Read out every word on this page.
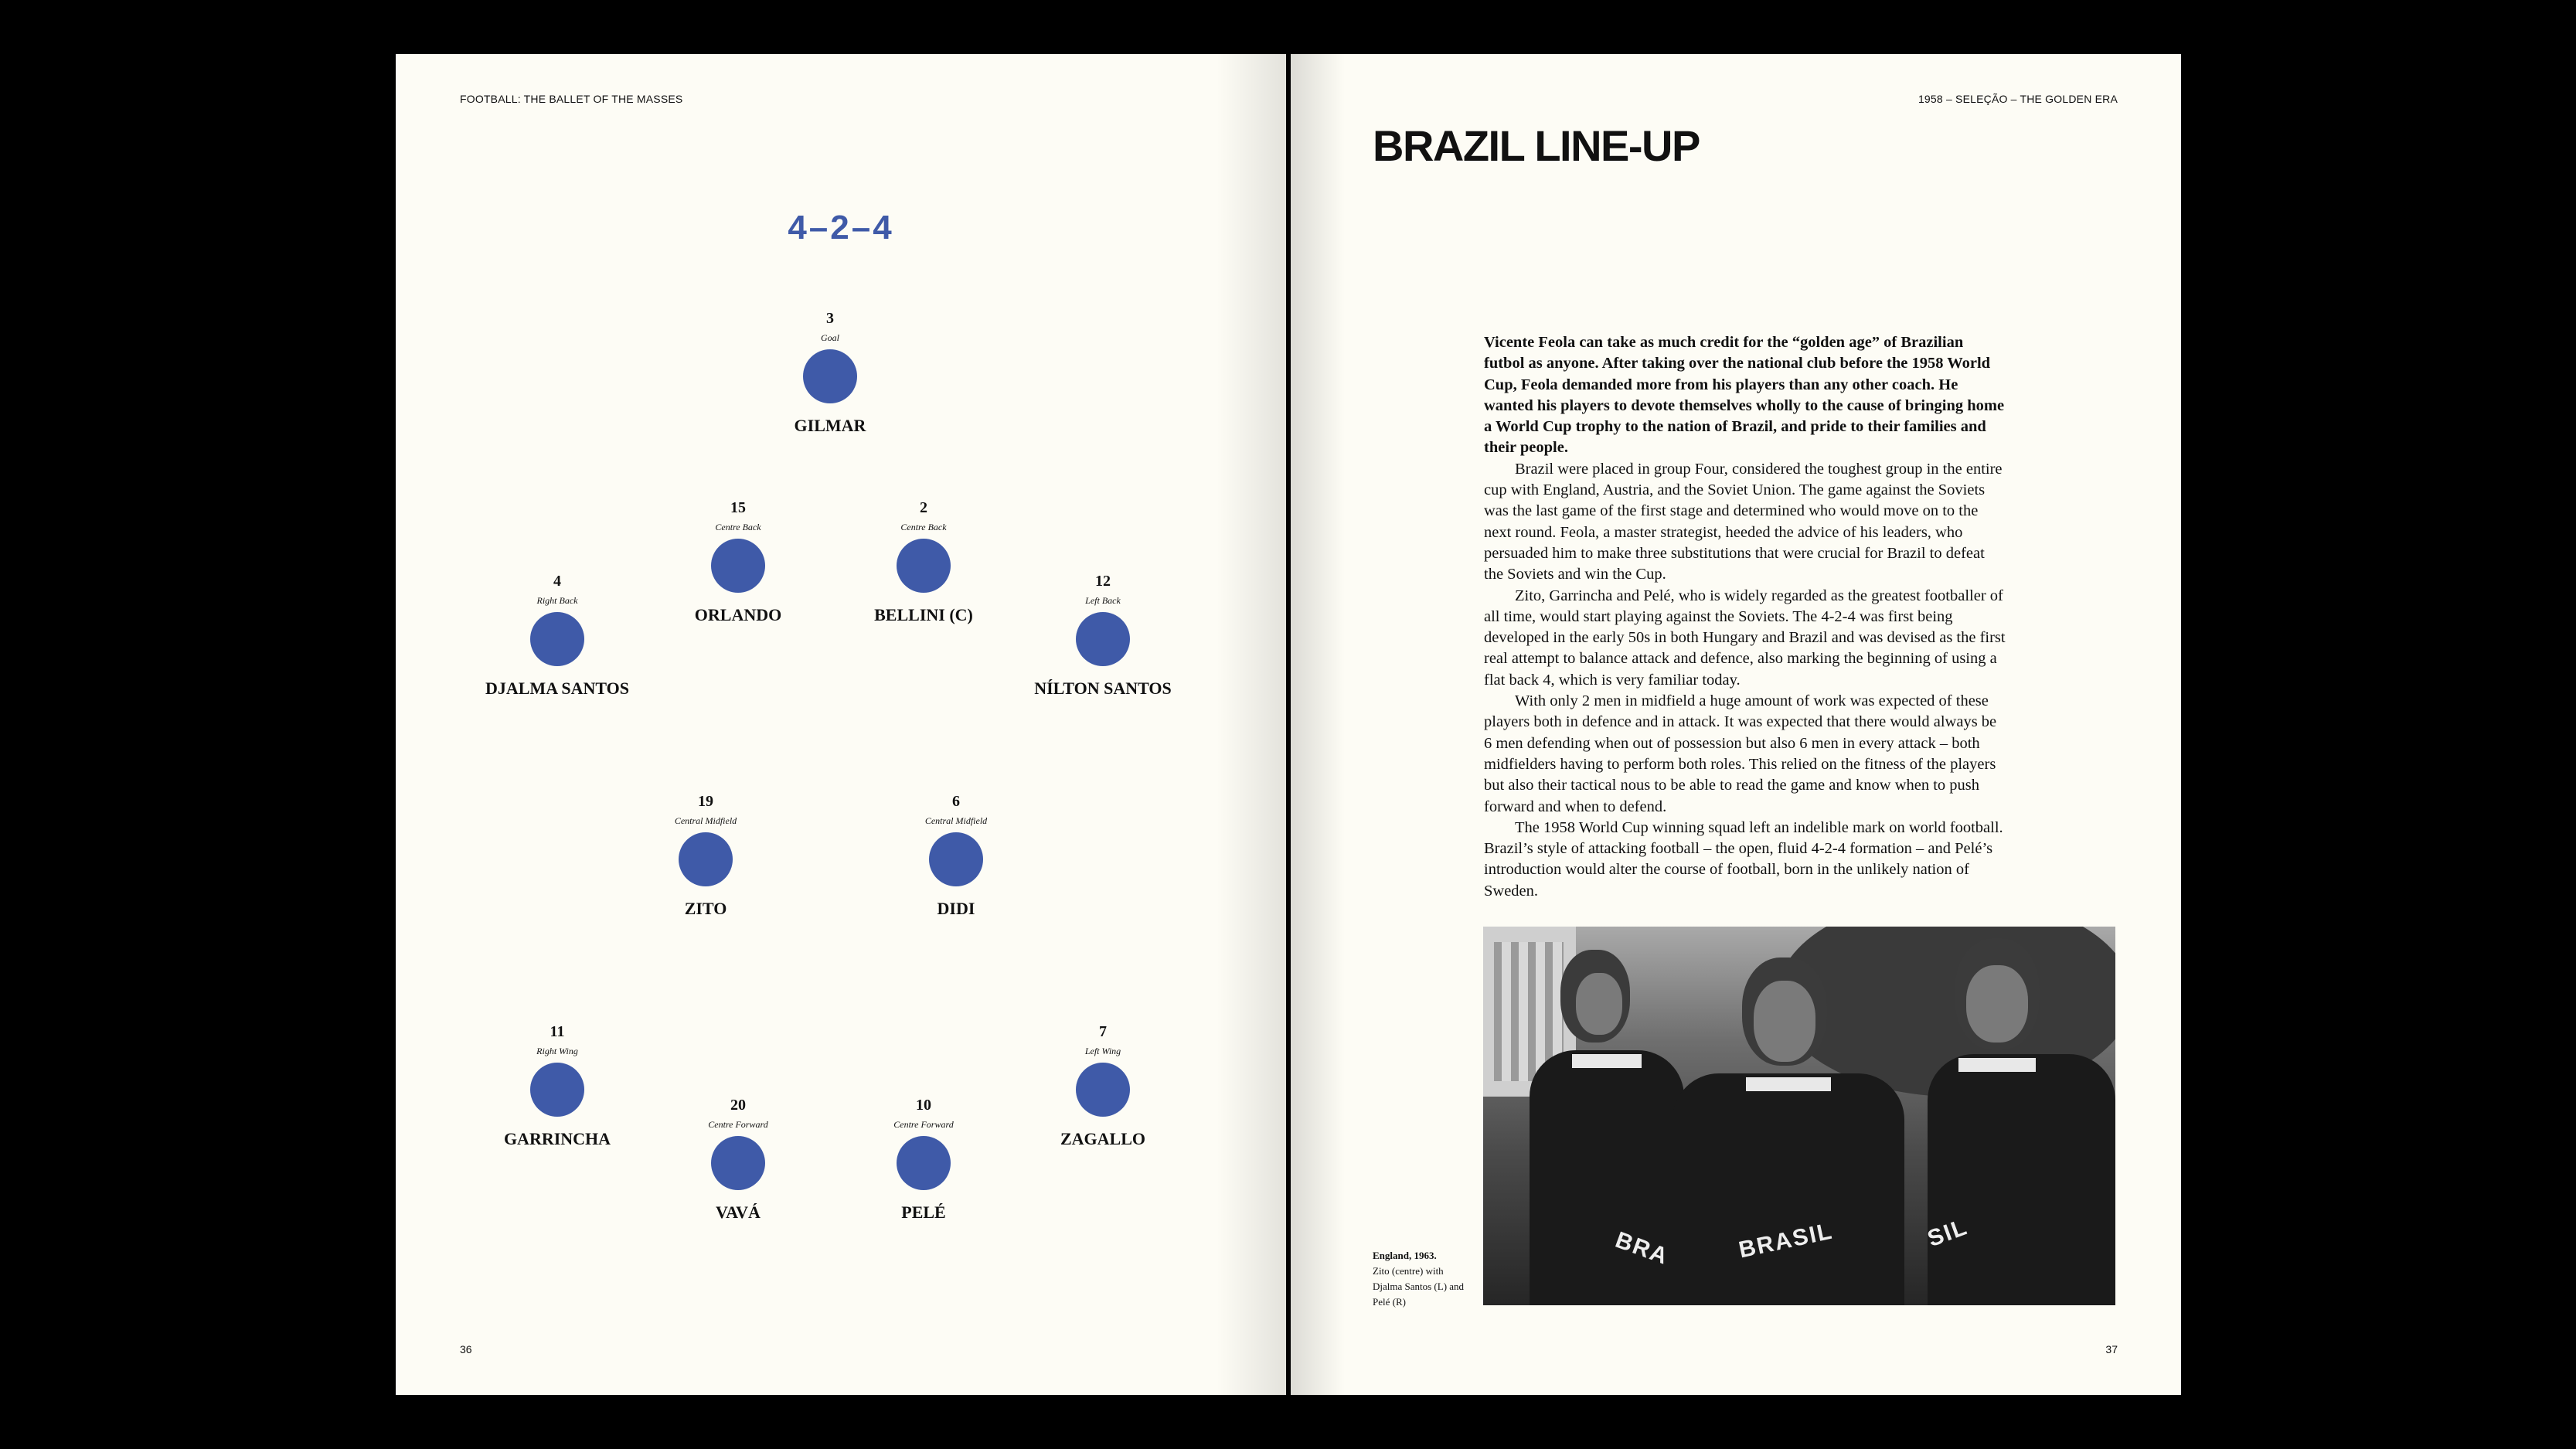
FOOTBALL: THE BALLET OF THE MASSES
4–2–4
3
Goal
GILMAR
15
Centre Back
ORLANDO
2
Centre Back
BELLINI (C)
4
Right Back
DJALMA SANTOS
12
Left Back
NÍLTON SANTOS
19
Central Midfield
ZITO
6
Central Midfield
DIDI
11
Right Wing
GARRINCHA
7
Left Wing
ZAGALLO
20
Centre Forward
VAVÁ
10
Centre Forward
PELÉ
36
1958 – SELEÇÃO – THE GOLDEN ERA
BRAZIL LINE-UP

Vicente Feola can take as much credit for the “golden age” of Brazilian futbol as anyone. After taking over the national club before the 1958 World Cup, Feola demanded more from his players than any other coach. He wanted his players to devote themselves wholly to the cause of bringing home a World Cup trophy to the nation of Brazil, and pride to their families and their people.

Brazil were placed in group Four, considered the toughest group in the entire cup with England, Austria, and the Soviet Union. The game against the Soviets was the last game of the first stage and determined who would move on to the next round. Feola, a master strategist, heeded the advice of his leaders, who persuaded him to make three substitutions that were crucial for Brazil to defeat the Soviets and win the Cup.

Zito, Garrincha and Pelé, who is widely regarded as the greatest footballer of all time, would start playing against the Soviets. The 4-2-4 was first being developed in the early 50s in both Hungary and Brazil and was devised as the first real attempt to balance attack and defence, also marking the beginning of using a flat back 4, which is very familiar today.

With only 2 men in midfield a huge amount of work was expected of these players both in defence and in attack. It was expected that there would always be 6 men defending when out of possession but also 6 men in every attack – both midfielders having to perform both roles. This relied on the fitness of the players but also their tactical nous to be able to read the game and know when to push forward and when to defend.

The 1958 World Cup winning squad left an indelible mark on world football. Brazil’s style of attacking football – the open, fluid 4-2-4 formation – and Pelé’s introduction would alter the course of football, born in the unlikely nation of Sweden.

England, 1963.
Zito (centre) with Djalma Santos (L) and Pelé (R)
BRA	BRASIL	SIL
37
